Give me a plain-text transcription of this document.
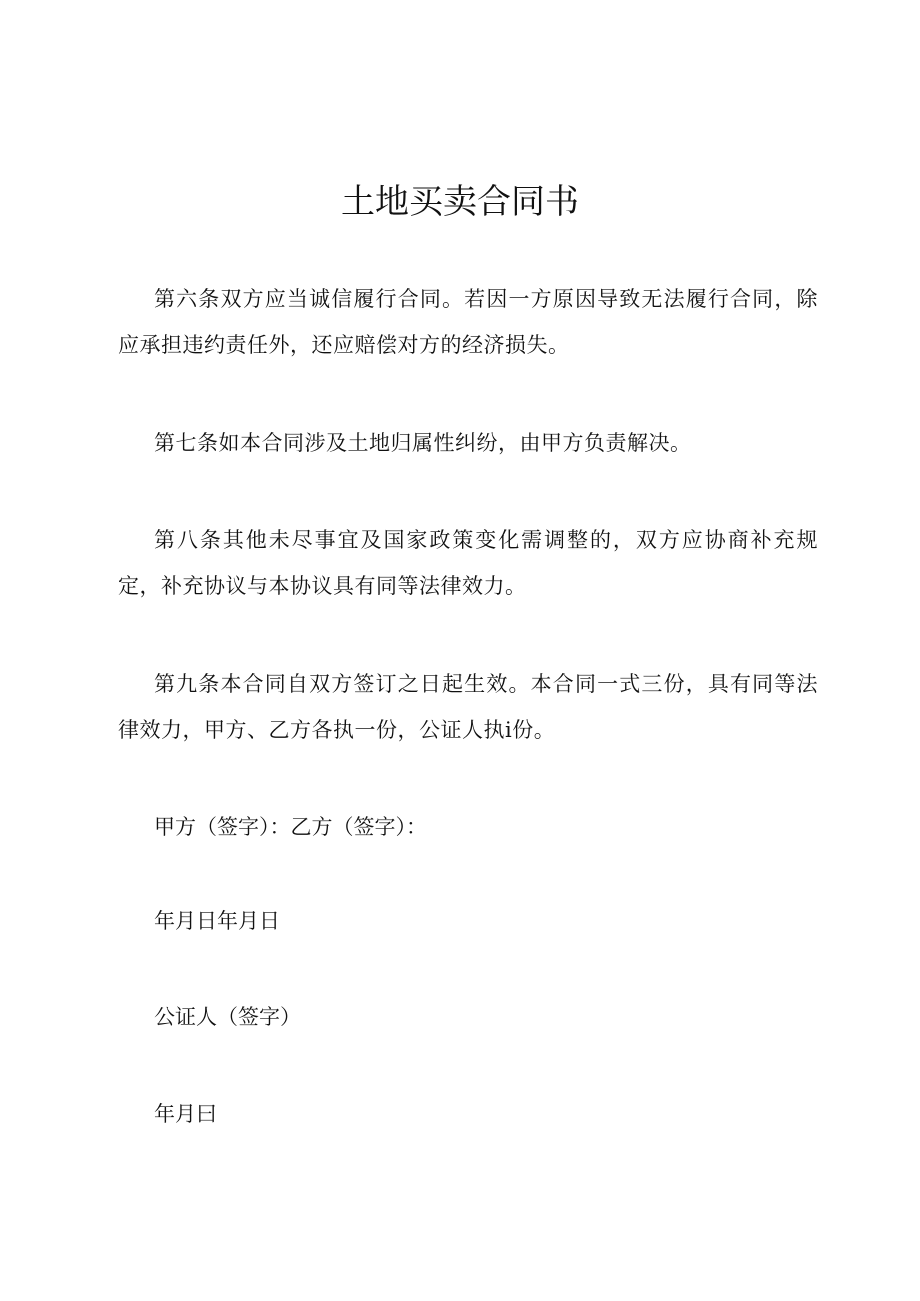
土地买卖合同书

第六条双方应当诚信履行合同。若因一方原因导致无法履行合同，除应承担违约责任外，还应赔偿对方的经济损失。

第七条如本合同涉及土地归属性纠纷，由甲方负责解决。

第八条其他未尽事宜及国家政策变化需调整的，双方应协商补充规定，补充协议与本协议具有同等法律效力。

第九条本合同自双方签订之日起生效。本合同一式三份，具有同等法律效力，甲方、乙方各执一份，公证人执i份。

甲方（签字）：乙方（签字）：

年月日年月日

公证人（签字）

年月曰
